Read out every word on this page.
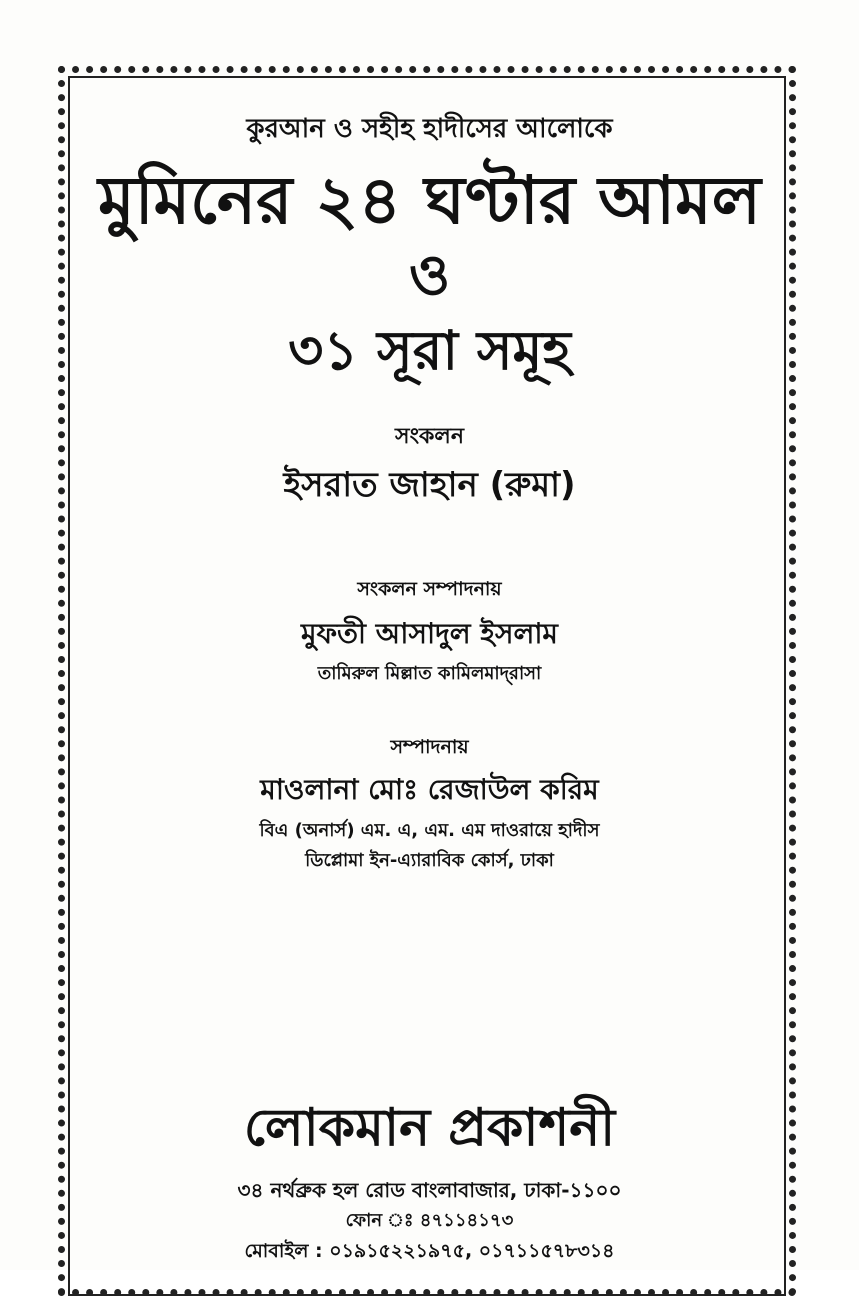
কুরআন ও সহীহ হাদীসের আলোকে
মুমিনের ২৪ ঘণ্টার আমল
ও
৩১ সূরা সমূহ
সংকলন
ইসরাত জাহান (রুমা)
সংকলন সম্পাদনায়
মুফতী আসাদুল ইসলাম
তামিরুল মিল্লাত কামিলমাদ্‌রাসা
সম্পাদনায়
মাওলানা মোঃ রেজাউল করিম
বিএ (অনার্স) এম. এ, এম. এম দাওরায়ে হাদীস
ডিপ্লোমা ইন-এ্যারাবিক কোর্স, ঢাকা
লোকমান প্রকাশনী
৩৪ নর্থব্রুক হল রোড বাংলাবাজার, ঢাকা-১১০০
ফোন ঃ ৪৭১১৪১৭৩
মোবাইল : ০১৯১৫২২১৯৭৫, ০১৭১১৫৭৮৩১৪
